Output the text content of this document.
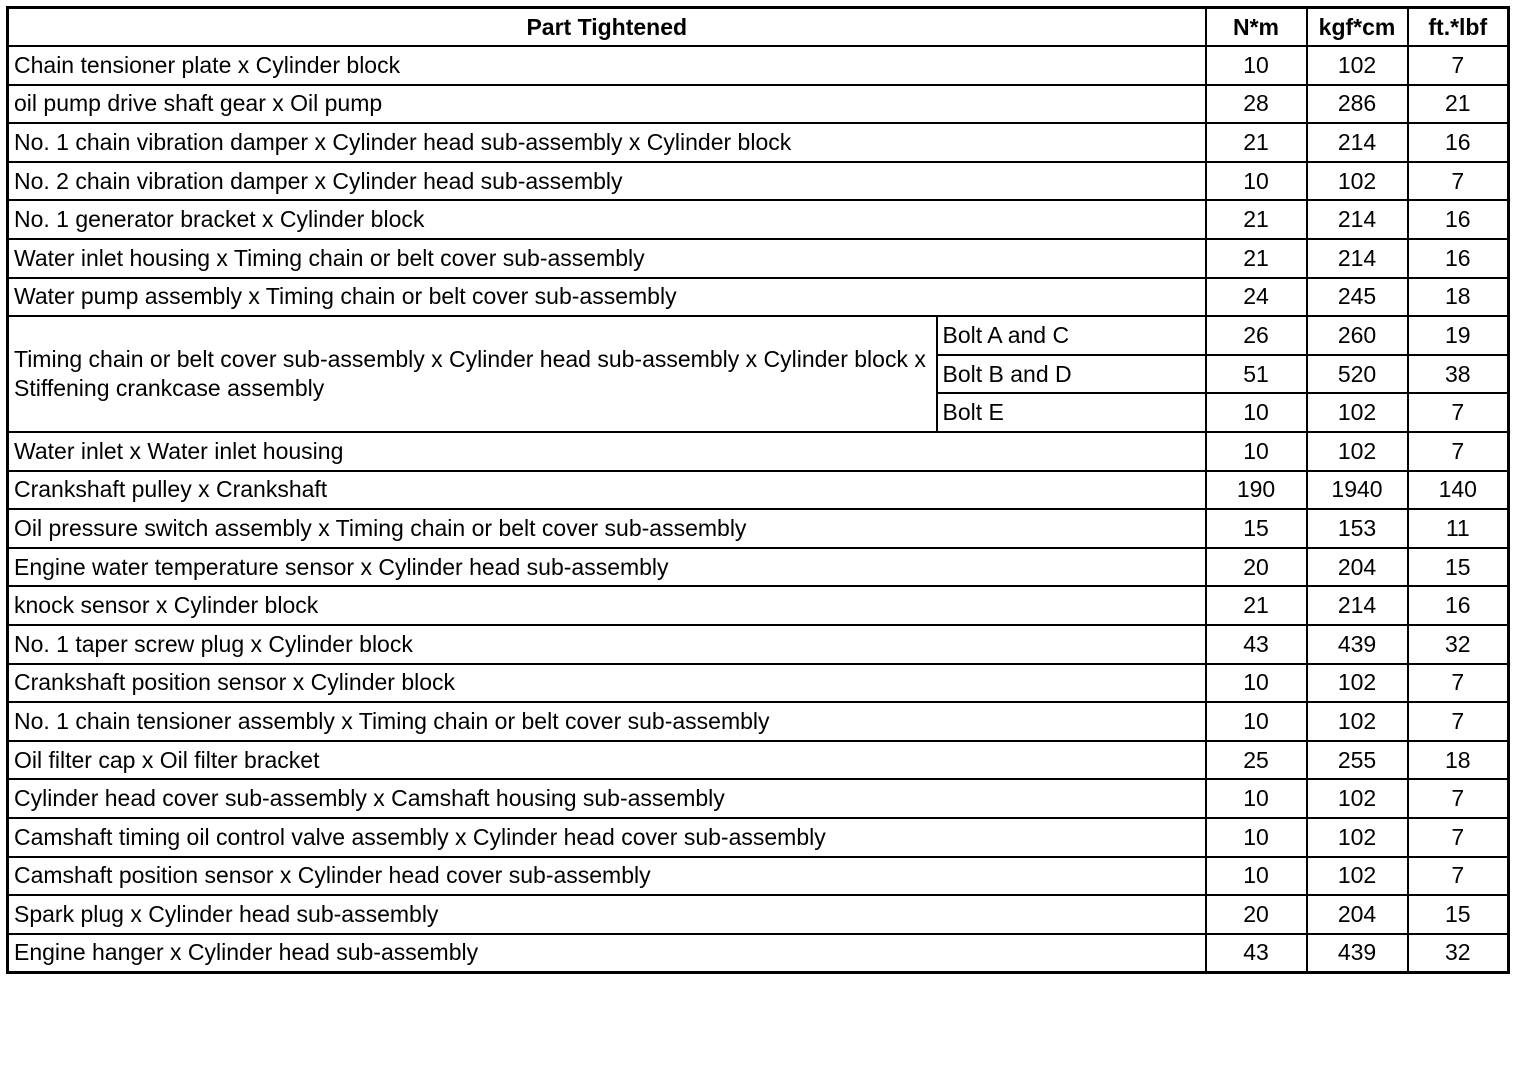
Part Tightened		N*m	kgf*cm	ft.*lbf
Chain tensioner plate x Cylinder block		10	102	7
oil pump drive shaft gear x Oil pump		28	286	21
No. 1 chain vibration damper x Cylinder head sub-assembly x Cylinder block		21	214	16
No. 2 chain vibration damper x Cylinder head sub-assembly		10	102	7
No. 1 generator bracket x Cylinder block		21	214	16
Water inlet housing x Timing chain or belt cover sub-assembly		21	214	16
Water pump assembly x Timing chain or belt cover sub-assembly		24	245	18
Timing chain or belt cover sub-assembly x Cylinder head sub-assembly x Cylinder block x Stiffening crankcase assembly	Bolt A and C	26	260	19
	Bolt B and D	51	520	38
	Bolt E	10	102	7
Water inlet x Water inlet housing		10	102	7
Crankshaft pulley x Crankshaft		190	1940	140
Oil pressure switch assembly x Timing chain or belt cover sub-assembly		15	153	11
Engine water temperature sensor x Cylinder head sub-assembly		20	204	15
knock sensor x Cylinder block		21	214	16
No. 1 taper screw plug x Cylinder block		43	439	32
Crankshaft position sensor x Cylinder block		10	102	7
No. 1 chain tensioner assembly x Timing chain or belt cover sub-assembly		10	102	7
Oil filter cap x Oil filter bracket		25	255	18
Cylinder head cover sub-assembly x Camshaft housing sub-assembly		10	102	7
Camshaft timing oil control valve assembly x Cylinder head cover sub-assembly		10	102	7
Camshaft position sensor x Cylinder head cover sub-assembly		10	102	7
Spark plug x Cylinder head sub-assembly		20	204	15
Engine hanger x Cylinder head sub-assembly		43	439	32
